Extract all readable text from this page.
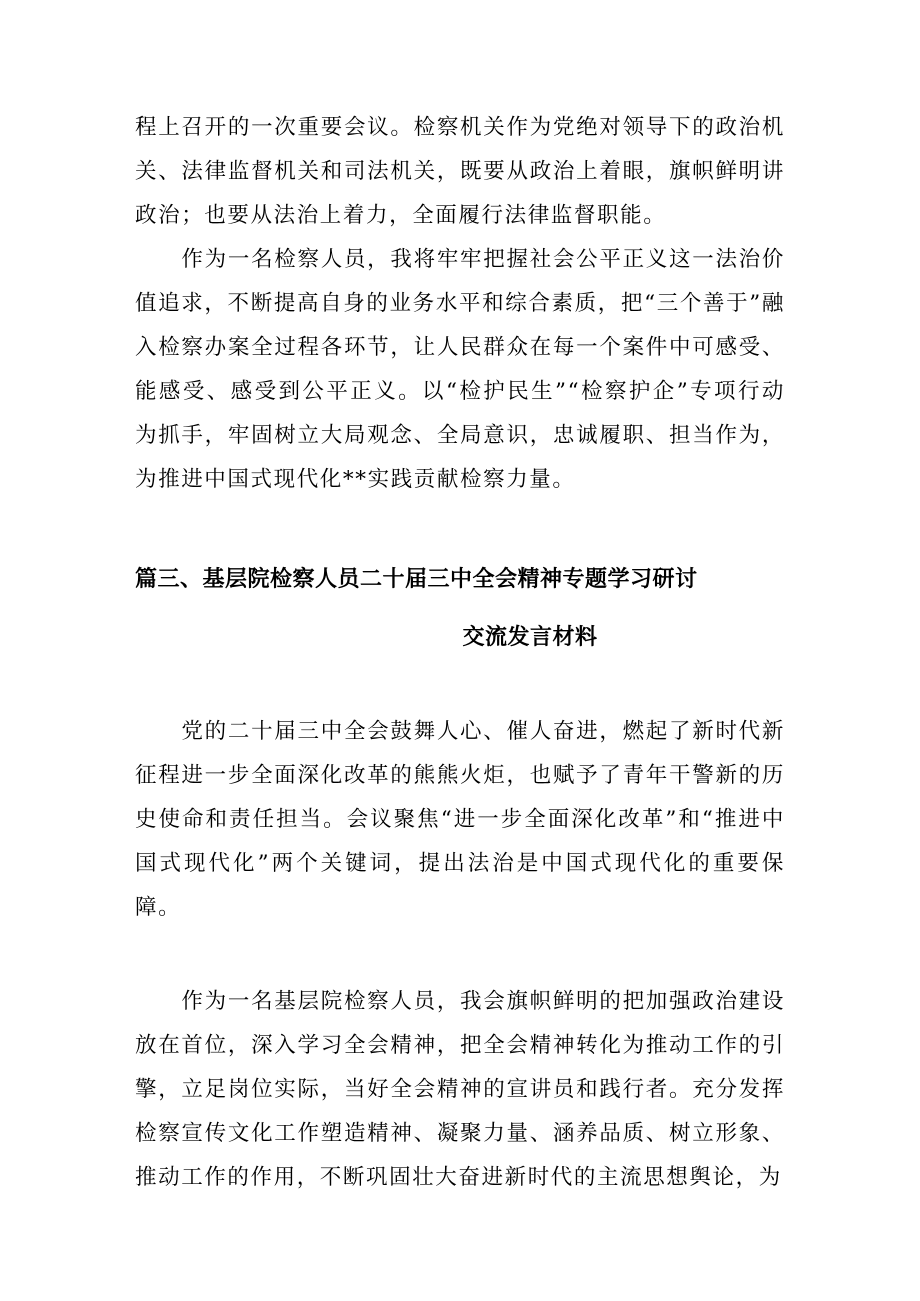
程上召开的一次重要会议。检察机关作为党绝对领导下的政治机关、法律监督机关和司法机关，既要从政治上着眼，旗帜鲜明讲政治；也要从法治上着力，全面履行法律监督职能。

　　作为一名检察人员，我将牢牢把握社会公平正义这一法治价值追求，不断提高自身的业务水平和综合素质，把“三个善于”融入检察办案全过程各环节，让人民群众在每一个案件中可感受、能感受、感受到公平正义。以“检护民生”“检察护企”专项行动为抓手，牢固树立大局观念、全局意识，忠诚履职、担当作为，为推进中国式现代化**实践贡献检察力量。

篇三、基层院检察人员二十届三中全会精神专题学习研讨
交流发言材料

　　党的二十届三中全会鼓舞人心、催人奋进，燃起了新时代新征程进一步全面深化改革的熊熊火炬，也赋予了青年干警新的历史使命和责任担当。会议聚焦“进一步全面深化改革”和“推进中国式现代化”两个关键词，提出法治是中国式现代化的重要保障。

　　作为一名基层院检察人员，我会旗帜鲜明的把加强政治建设放在首位，深入学习全会精神，把全会精神转化为推动工作的引擎，立足岗位实际，当好全会精神的宣讲员和践行者。充分发挥检察宣传文化工作塑造精神、凝聚力量、涵养品质、树立形象、推动工作的作用，不断巩固壮大奋进新时代的主流思想舆论，为
